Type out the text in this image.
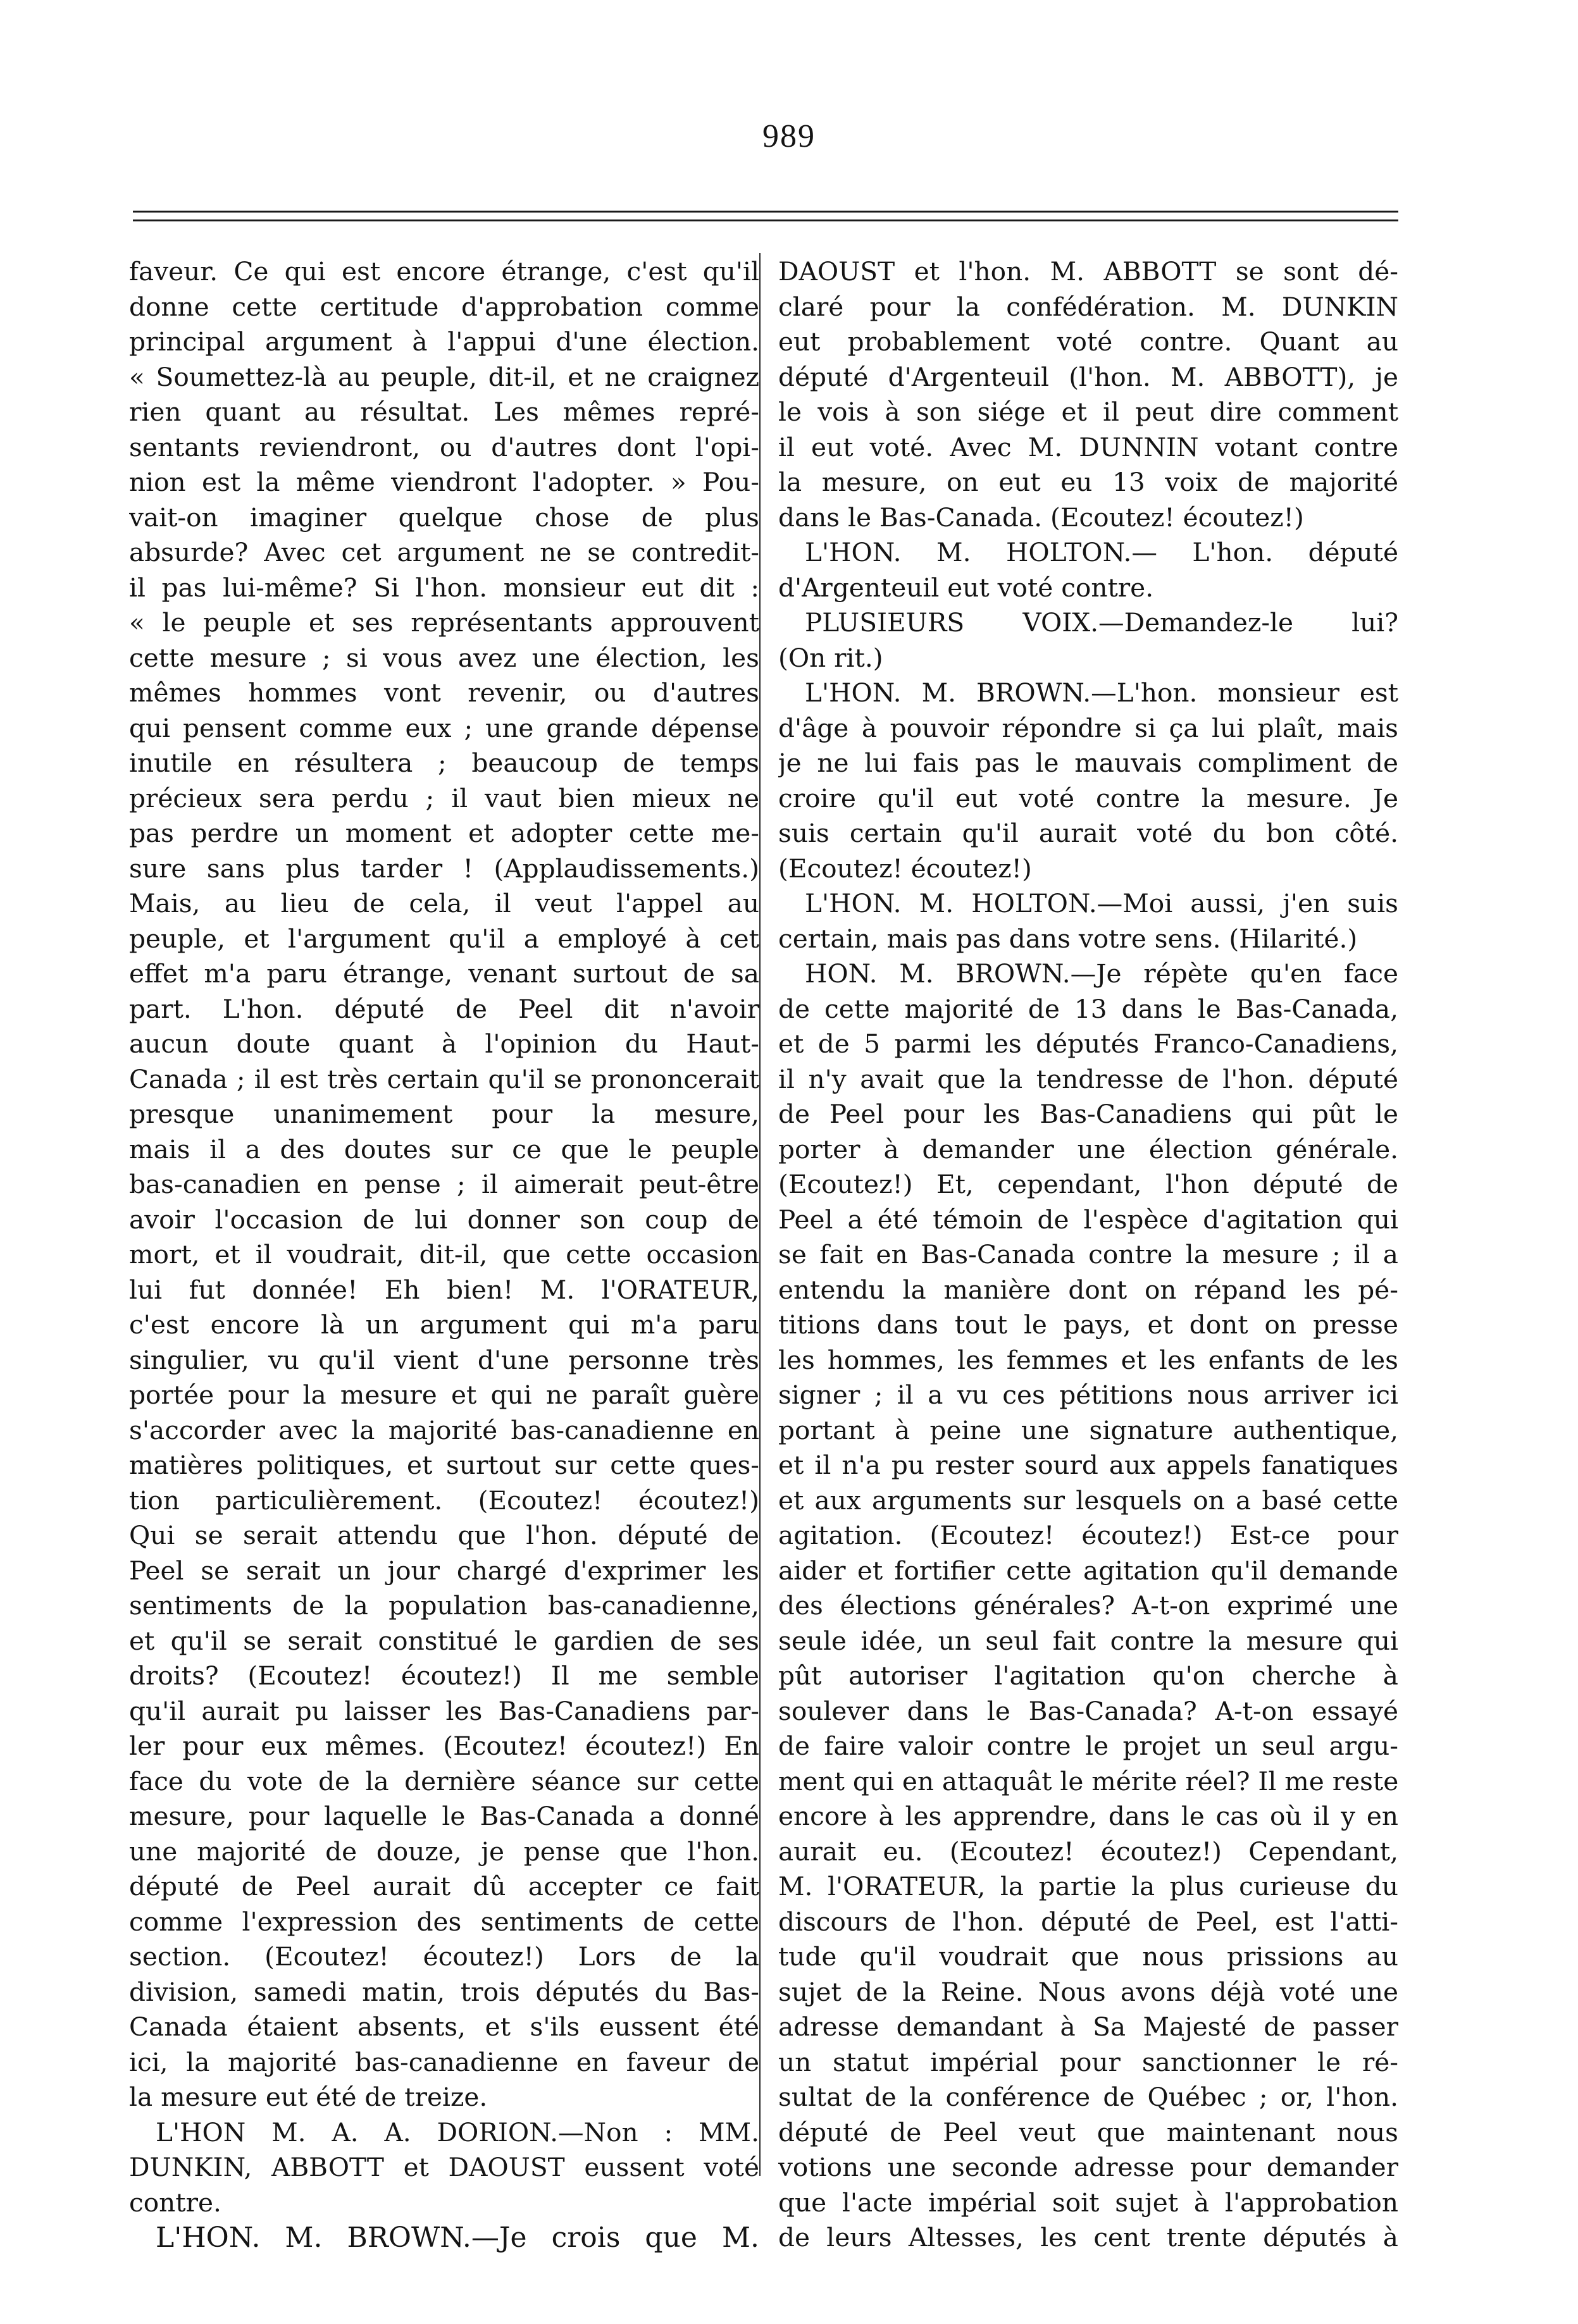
989

faveur. Ce qui est encore étrange, c'est qu'il

donne cette certitude d'approbation comme

principal argument à l'appui d'une élection.

« Soumettez-là au peuple, dit-il, et ne craignez

rien quant au résultat. Les mêmes repré-

sentants reviendront, ou d'autres dont l'opi-

nion est la même viendront l'adopter. » Pou-

vait-on imaginer quelque chose de plus

absurde? Avec cet argument ne se contredit-

il pas lui-même? Si l'hon. monsieur eut dit :

« le peuple et ses représentants approuvent

cette mesure ; si vous avez une élection, les

mêmes hommes vont revenir, ou d'autres

qui pensent comme eux ; une grande dépense

inutile en résultera ; beaucoup de temps

précieux sera perdu ; il vaut bien mieux ne

pas perdre un moment et adopter cette me-

sure sans plus tarder ! (Applaudissements.)

Mais, au lieu de cela, il veut l'appel au

peuple, et l'argument qu'il a employé à cet

effet m'a paru étrange, venant surtout de sa

part. L'hon. député de Peel dit n'avoir

aucun doute quant à l'opinion du Haut-

Canada ; il est très certain qu'il se prononcerait

presque unanimement pour la mesure,

mais il a des doutes sur ce que le peuple

bas-canadien en pense ; il aimerait peut-être

avoir l'occasion de lui donner son coup de

mort, et il voudrait, dit-il, que cette occasion

lui fut donnée! Eh bien! M. l'ORATEUR,

c'est encore là un argument qui m'a paru

singulier, vu qu'il vient d'une personne très

portée pour la mesure et qui ne paraît guère

s'accorder avec la majorité bas-canadienne en

matières politiques, et surtout sur cette ques-

tion particulièrement. (Ecoutez! écoutez!)

Qui se serait attendu que l'hon. député de

Peel se serait un jour chargé d'exprimer les

sentiments de la population bas-canadienne,

et qu'il se serait constitué le gardien de ses

droits? (Ecoutez! écoutez!) Il me semble

qu'il aurait pu laisser les Bas-Canadiens par-

ler pour eux mêmes. (Ecoutez! écoutez!) En

face du vote de la dernière séance sur cette

mesure, pour laquelle le Bas-Canada a donné

une majorité de douze, je pense que l'hon.

député de Peel aurait dû accepter ce fait

comme l'expression des sentiments de cette

section. (Ecoutez! écoutez!) Lors de la

division, samedi matin, trois députés du Bas-

Canada étaient absents, et s'ils eussent été

ici, la majorité bas-canadienne en faveur de

la mesure eut été de treize.

L'HON M. A. A. DORION.—Non : MM.

DUNKIN, ABBOTT et DAOUST eussent voté

contre.

L'HON. M. BROWN.—Je crois que M.

DAOUST et l'hon. M. ABBOTT se sont dé-

claré pour la confédération. M. DUNKIN

eut probablement voté contre. Quant au

député d'Argenteuil (l'hon. M. ABBOTT), je

le vois à son siége et il peut dire comment

il eut voté. Avec M. DUNNIN votant contre

la mesure, on eut eu 13 voix de majorité

dans le Bas-Canada. (Ecoutez! écoutez!)

L'HON. M. HOLTON.— L'hon. député

d'Argenteuil eut voté contre.

PLUSIEURS VOIX.—Demandez-le lui?

(On rit.)

L'HON. M. BROWN.—L'hon. monsieur est

d'âge à pouvoir répondre si ça lui plaît, mais

je ne lui fais pas le mauvais compliment de

croire qu'il eut voté contre la mesure. Je

suis certain qu'il aurait voté du bon côté.

(Ecoutez! écoutez!)

L'HON. M. HOLTON.—Moi aussi, j'en suis

certain, mais pas dans votre sens. (Hilarité.)

HON. M. BROWN.—Je répète qu'en face

de cette majorité de 13 dans le Bas-Canada,

et de 5 parmi les députés Franco-Canadiens,

il n'y avait que la tendresse de l'hon. député

de Peel pour les Bas-Canadiens qui pût le

porter à demander une élection générale.

(Ecoutez!) Et, cependant, l'hon député de

Peel a été témoin de l'espèce d'agitation qui

se fait en Bas-Canada contre la mesure ; il a

entendu la manière dont on répand les pé-

titions dans tout le pays, et dont on presse

les hommes, les femmes et les enfants de les

signer ; il a vu ces pétitions nous arriver ici

portant à peine une signature authentique,

et il n'a pu rester sourd aux appels fanatiques

et aux arguments sur lesquels on a basé cette

agitation. (Ecoutez! écoutez!) Est-ce pour

aider et fortifier cette agitation qu'il demande

des élections générales? A-t-on exprimé une

seule idée, un seul fait contre la mesure qui

pût autoriser l'agitation qu'on cherche à

soulever dans le Bas-Canada? A-t-on essayé

de faire valoir contre le projet un seul argu-

ment qui en attaquât le mérite réel? Il me reste

encore à les apprendre, dans le cas où il y en

aurait eu. (Ecoutez! écoutez!) Cependant,

M. l'ORATEUR, la partie la plus curieuse du

discours de l'hon. député de Peel, est l'atti-

tude qu'il voudrait que nous prissions au

sujet de la Reine. Nous avons déjà voté une

adresse demandant à Sa Majesté de passer

un statut impérial pour sanctionner le ré-

sultat de la conférence de Québec ; or, l'hon.

député de Peel veut que maintenant nous

votions une seconde adresse pour demander

que l'acte impérial soit sujet à l'approbation

de leurs Altesses, les cent trente députés à
